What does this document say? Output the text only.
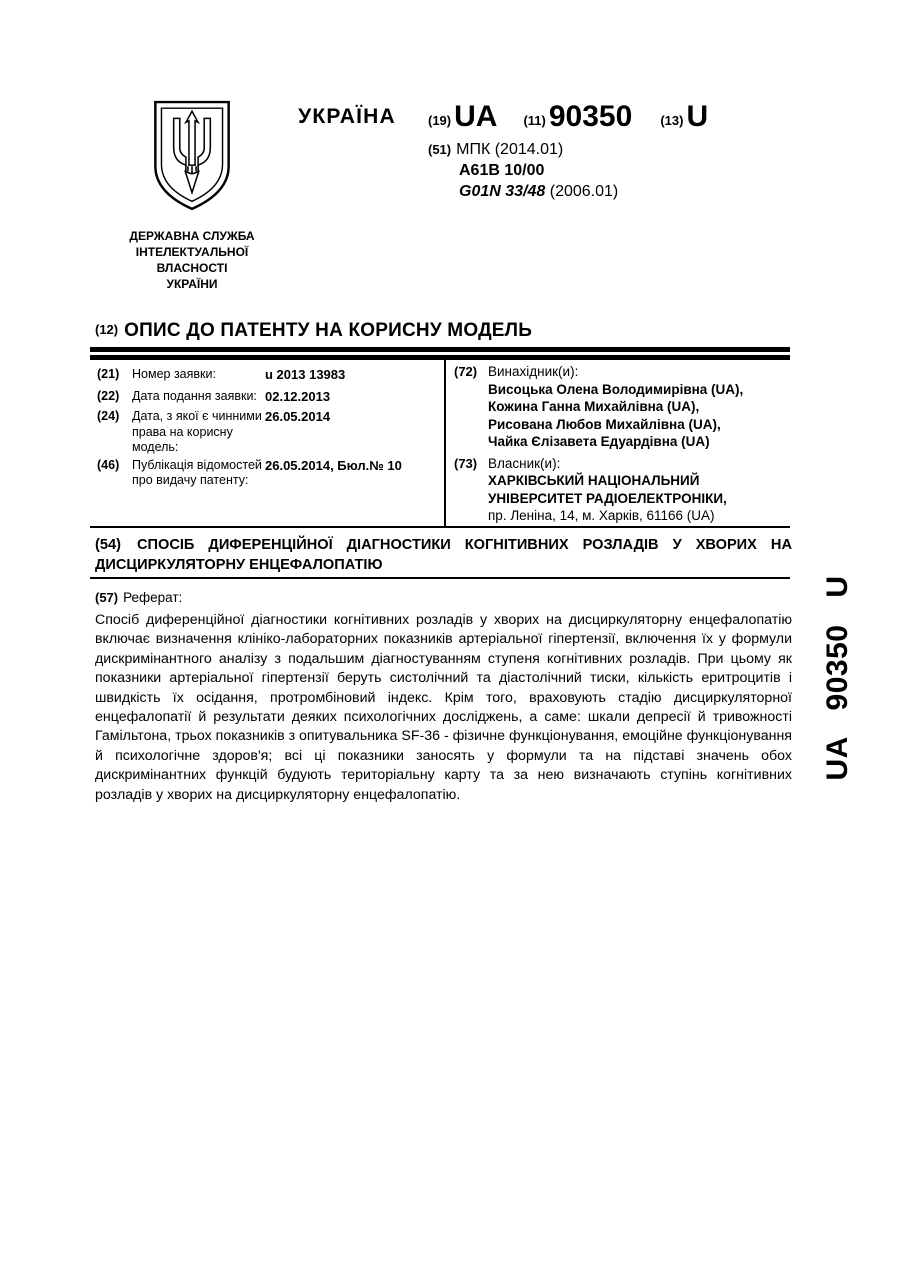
УКРАЇНА	(19) UA (11) 90350 (13) U
(51) МПК (2014.01)
A61B 10/00
G01N 33/48 (2006.01)
ДЕРЖАВНА СЛУЖБА
ІНТЕЛЕКТУАЛЬНОЇ
ВЛАСНОСТІ
УКРАЇНИ
(12) ОПИС ДО ПАТЕНТУ НА КОРИСНУ МОДЕЛЬ
(21)	Номер заявки:	u 2013 13983
(22)	Дата подання заявки: 02.12.2013
(24)	Дата, з якої є чинними права на корисну модель:
26.05.2014
(46)	Публікація відомостей про видачу патенту:
26.05.2014, Бюл.№ 10
(72) Винахідник(и):
Висоцька Олена Володимирівна (UA),
Кожина Ганна Михайлівна (UA),
Рисована Любов Михайлівна (UA),
Чайка Єлізавета Едуардівна (UA)
(73) Власник(и):
ХАРКІВСЬКИЙ НАЦІОНАЛЬНИЙ
УНІВЕРСИТЕТ РАДІОЕЛЕКТРОНІКИ,
пр. Леніна, 14, м. Харків, 61166 (UA)
(54) СПОСІБ ДИФЕРЕНЦІЙНОЇ ДІАГНОСТИКИ КОГНІТИВНИХ РОЗЛАДІВ У ХВОРИХ НА ДИСЦИРКУЛЯТОРНУ ЕНЦЕФАЛОПАТІЮ
(57) Реферат:
Спосіб диференційної діагностики когнітивних розладів у хворих на дисциркуляторну енцефалопатію включає визначення клініко-лабораторних показників артеріальної гіпертензії, включення їх у формули дискримінантного аналізу з подальшим діагностуванням ступеня когнітивних розладів. При цьому як показники артеріальної гіпертензії беруть систолічний та діастолічний тиски, кількість еритроцитів і швидкість їх осідання, протромбіновий індекс. Крім того, враховують стадію дисциркуляторної енцефалопатії й результати деяких психологічних досліджень, а саме: шкали депресії й тривожності Гамільтона, трьох показників з опитувальника SF-36 - фізичне функціонування, емоційне функціонування й психологічне здоров'я; всі ці показники заносять у формули та на підставі значень обох дискримінантних функцій будують територіальну карту та за нею визначають ступінь когнітивних розладів у хворих на дисциркуляторну енцефалопатію.
UA 90350 U
